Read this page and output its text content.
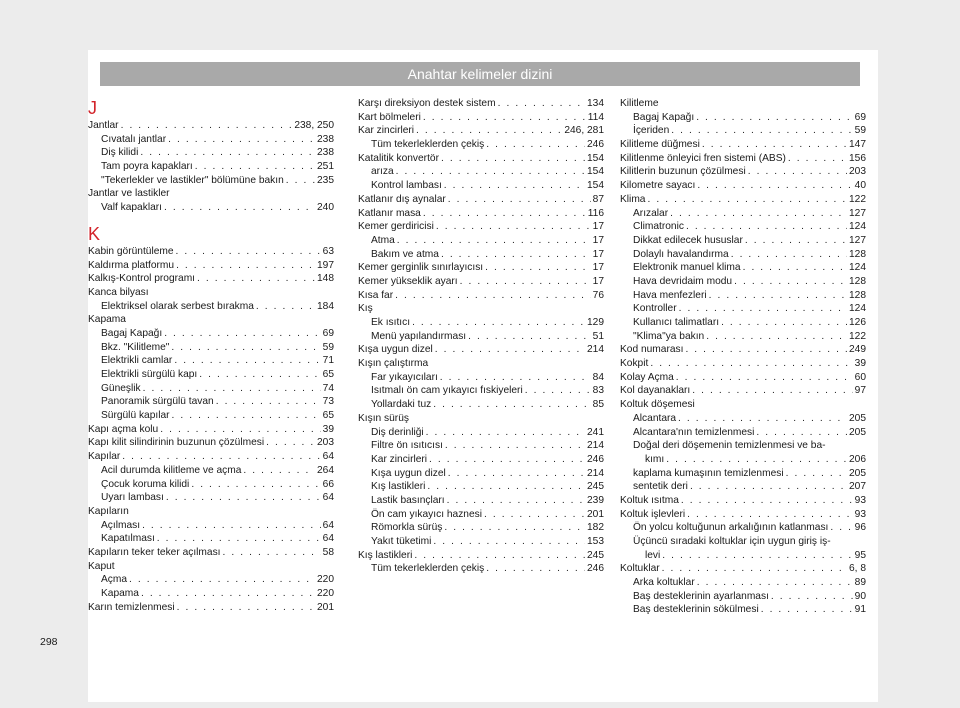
Anahtar kelimeler dizini
J
Jantlar . . .	238, 250
Cıvatalı jantlar . . .	238
Diş kilidi . . .	238
Tam poyra kapakları . . .	251
"Tekerlekler ve lastikler" bölümüne bakın . . .	235
Jantlar ve lastikler
Valf kapakları . . .	240
K
Kabin görüntüleme . . .	63
Kaldırma platformu . . .	197
Kalkış-Kontrol programı . . .	148
Kanca bilyası
Elektriksel olarak serbest bırakma . . .	184
Kapama
Bagaj Kapağı . . .	69
Bkz. "Kilitleme" . . .	59
Elektrikli camlar . . .	71
Elektrikli sürgülü kapı . . .	65
Güneşlik . . .	74
Panoramik sürgülü tavan . . .	73
Sürgülü kapılar . . .	65
Kapı açma kolu . . .	39
Kapı kilit silindirinin buzunun çözülmesi . . .	203
Kapılar . . .	64
Acil durumda kilitleme ve açma . . .	264
Çocuk koruma kilidi . . .	66
Uyarı lambası . . .	64
Kapıların
Açılması . . .	64
Kapatılması . . .	64
Kapıların teker teker açılması . . .	58
Kaput
Açma . . .	220
Kapama . . .	220
Karın temizlenmesi . . .	201
Karşı direksiyon destek sistem . . .	134
Kart bölmeleri . . .	114
Kar zincirleri . . .	246, 281
Tüm tekerleklerden çekiş . . .	246
Katalitik konvertör . . .	154
arıza . . .	154
Kontrol lambası . . .	154
Katlanır dış aynalar . . .	87
Katlanır masa . . .	116
Kemer gerdiricisi . . .	17
Atma . . .	17
Bakım ve atma . . .	17
Kemer gerginlik sınırlayıcısı . . .	17
Kemer yükseklik ayarı . . .	17
Kısa far . . .	76
Kış
Ek ısıtıcı . . .	129
Menü yapılandırması . . .	51
Kışa uygun dizel . . .	214
Kışın çalıştırma
Far yıkayıcıları . . .	84
Isıtmalı ön cam yıkayıcı fıskiyeleri . . .	83
Yollardaki tuz . . .	85
Kışın sürüş
Diş derinliği . . .	241
Filtre ön ısıtıcısı . . .	214
Kar zincirleri . . .	246
Kışa uygun dizel . . .	214
Kış lastikleri . . .	245
Lastik basınçları . . .	239
Ön cam yıkayıcı haznesi . . .	201
Römorkla sürüş . . .	182
Yakıt tüketimi . . .	153
Kış lastikleri . . .	245
Tüm tekerleklerden çekiş . . .	246
Kilitleme
Bagaj Kapağı . . .	69
İçeriden . . .	59
Kilitleme düğmesi . . .	147
Kilitlenme önleyici fren sistemi (ABS) . . .	156
Kilitlerin buzunun çözülmesi . . .	203
Kilometre sayacı . . .	40
Klima . . .	122
Arızalar . . .	127
Climatronic . . .	124
Dikkat edilecek hususlar . . .	127
Dolaylı havalandırma . . .	128
Elektronik manuel klima . . .	124
Hava devridaim modu . . .	128
Hava menfezleri . . .	128
Kontroller . . .	124
Kullanıcı talimatları . . .	126
"Klima"ya bakın . . .	122
Kod numarası . . .	249
Kokpit . . .	39
Kolay Açma . . .	60
Kol dayanakları . . .	97
Koltuk döşemesi
Alcantara . . .	205
Alcantara'nın temizlenmesi . . .	205
Doğal deri döşemenin temizlenmesi ve ba-
kımı . . .	206
kaplama kumaşının temizlenmesi . . .	205
sentetik deri . . .	207
Koltuk ısıtma . . .	93
Koltuk işlevleri . . .	93
Ön yolcu koltuğunun arkalığının katlanması . . .	96
Üçüncü sıradaki koltuklar için uygun giriş iş-
levi . . .	95
Koltuklar . . .	6, 8
Arka koltuklar . . .	89
Baş desteklerinin ayarlanması . . .	90
Baş desteklerinin sökülmesi . . .	91
298
